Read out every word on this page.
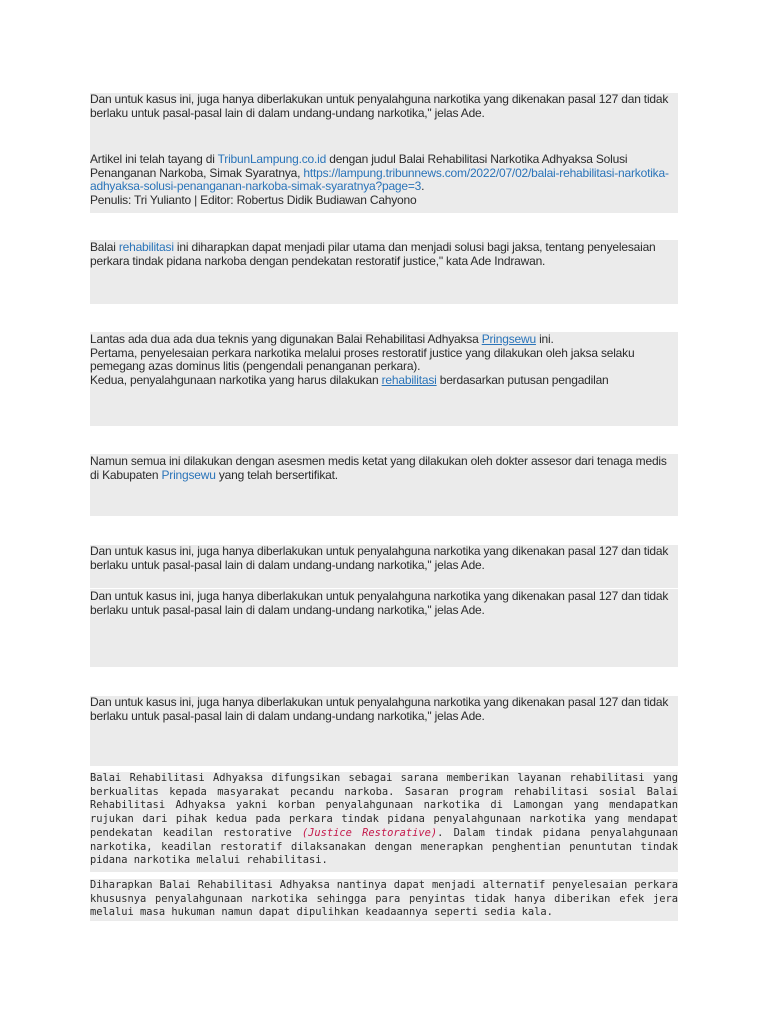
Dan untuk kasus ini, juga hanya diberlakukan untuk penyalahguna narkotika yang dikenakan pasal 127 dan tidak berlaku untuk pasal-pasal lain di dalam undang-undang narkotika," jelas Ade.
Artikel ini telah tayang di TribunLampung.co.id dengan judul Balai Rehabilitasi Narkotika Adhyaksa Solusi Penanganan Narkoba, Simak Syaratnya, https://lampung.tribunnews.com/2022/07/02/balai-rehabilitasi-narkotika-adhyaksa-solusi-penanganan-narkoba-simak-syaratnya?page=3.
Penulis: Tri Yulianto | Editor: Robertus Didik Budiawan Cahyono
Balai rehabilitasi ini diharapkan dapat menjadi pilar utama dan menjadi solusi bagi jaksa, tentang penyelesaian perkara tindak pidana narkoba dengan pendekatan restoratif justice," kata Ade Indrawan.
Lantas ada dua ada dua teknis yang digunakan Balai Rehabilitasi Adhyaksa Pringsewu ini.
Pertama, penyelesaian perkara narkotika melalui proses restoratif justice yang dilakukan oleh jaksa selaku pemegang azas dominus litis (pengendali penanganan perkara).
Kedua, penyalahgunaan narkotika yang harus dilakukan rehabilitasi berdasarkan putusan pengadilan
Namun semua ini dilakukan dengan asesmen medis ketat yang dilakukan oleh dokter assesor dari tenaga medis di Kabupaten Pringsewu yang telah bersertifikat.
Dan untuk kasus ini, juga hanya diberlakukan untuk penyalahguna narkotika yang dikenakan pasal 127 dan tidak berlaku untuk pasal-pasal lain di dalam undang-undang narkotika," jelas Ade.
Dan untuk kasus ini, juga hanya diberlakukan untuk penyalahguna narkotika yang dikenakan pasal 127 dan tidak berlaku untuk pasal-pasal lain di dalam undang-undang narkotika," jelas Ade.
Dan untuk kasus ini, juga hanya diberlakukan untuk penyalahguna narkotika yang dikenakan pasal 127 dan tidak berlaku untuk pasal-pasal lain di dalam undang-undang narkotika," jelas Ade.
Balai Rehabilitasi Adhyaksa difungsikan sebagai sarana memberikan layanan rehabilitasi yang berkualitas kepada masyarakat pecandu narkoba. Sasaran program rehabilitasi sosial Balai Rehabilitasi Adhyaksa yakni korban penyalahgunaan narkotika di Lamongan yang mendapatkan rujukan dari pihak kedua pada perkara tindak pidana penyalahgunaan narkotika yang mendapat pendekatan keadilan restorative (Justice Restorative). Dalam tindak pidana penyalahgunaan narkotika, keadilan restoratif dilaksanakan dengan menerapkan penghentian penuntutan tindak pidana narkotika melalui rehabilitasi.
Diharapkan Balai Rehabilitasi Adhyaksa nantinya dapat menjadi alternatif penyelesaian perkara khususnya penyalahgunaan narkotika sehingga para penyintas tidak hanya diberikan efek jera melalui masa hukuman namun dapat dipulihkan keadaannya seperti sedia kala.
